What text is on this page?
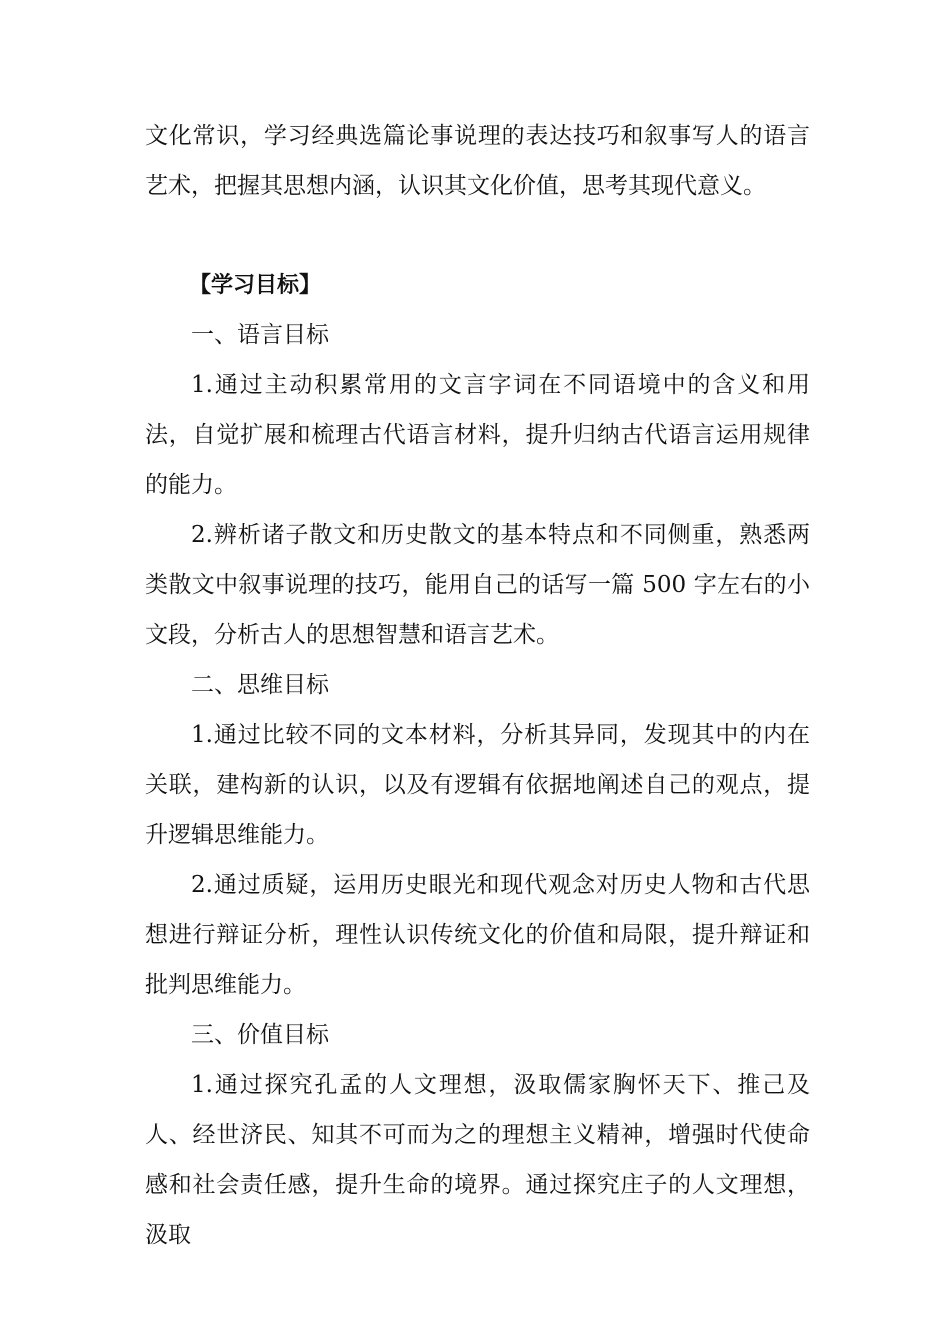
文化常识，学习经典选篇论事说理的表达技巧和叙事写人的语言艺术，把握其思想内涵，认识其文化价值，思考其现代意义。

【学习目标】

一、语言目标

1.通过主动积累常用的文言字词在不同语境中的含义和用法，自觉扩展和梳理古代语言材料，提升归纳古代语言运用规律的能力。

2.辨析诸子散文和历史散文的基本特点和不同侧重，熟悉两类散文中叙事说理的技巧，能用自己的话写一篇 500 字左右的小文段，分析古人的思想智慧和语言艺术。

二、思维目标

1.通过比较不同的文本材料，分析其异同，发现其中的内在关联，建构新的认识，以及有逻辑有依据地阐述自己的观点，提升逻辑思维能力。

2.通过质疑，运用历史眼光和现代观念对历史人物和古代思想进行辩证分析，理性认识传统文化的价值和局限，提升辩证和批判思维能力。

三、价值目标

1.通过探究孔孟的人文理想，汲取儒家胸怀天下、推己及人、经世济民、知其不可而为之的理想主义精神，增强时代使命感和社会责任感，提升生命的境界。通过探究庄子的人文理想，汲取
